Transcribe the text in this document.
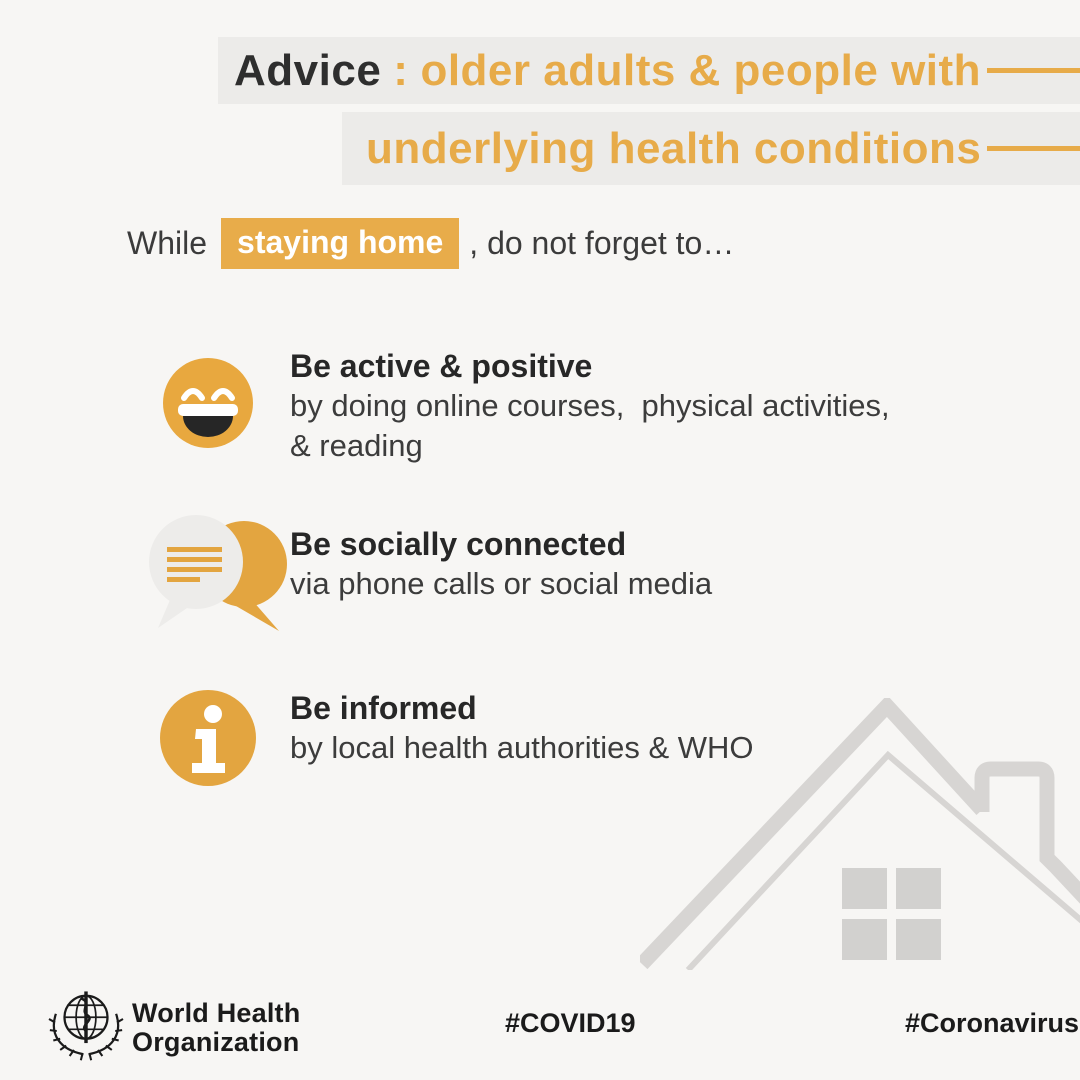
Advice : older adults & people with
underlying health conditions
While staying home , do not forget to…
Be active & positive
by doing online courses,  physical activities,
& reading
Be socially connected
via phone calls or social media
Be informed
by local health authorities & WHO
World Health
Organization
#COVID19	#Coronavirus
